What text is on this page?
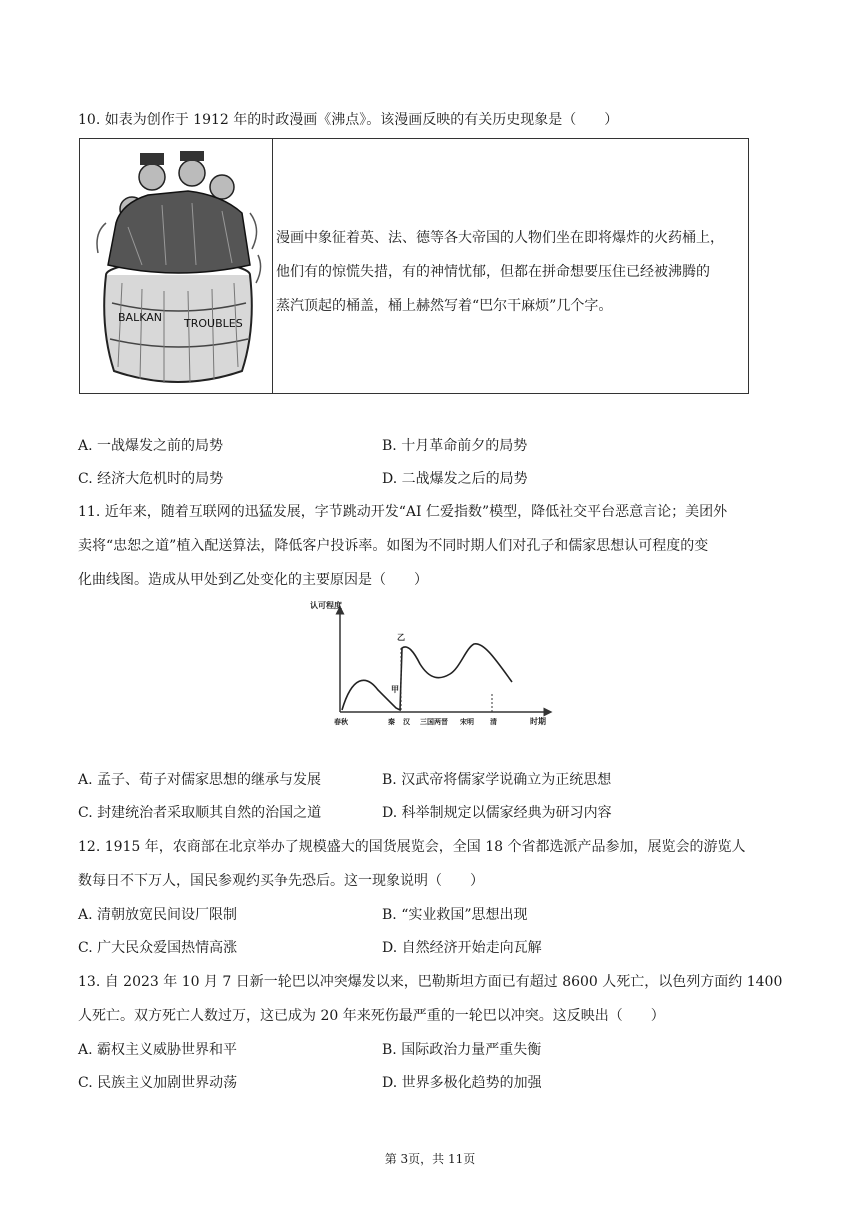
10. 如表为创作于 1912 年的时政漫画《沸点》。该漫画反映的有关历史现象是（　　）
BALKAN TROUBLES
漫画中象征着英、法、德等各大帝国的人物们坐在即将爆炸的火药桶上，
他们有的惊慌失措，有的神情忧郁，但都在拼命想要压住已经被沸腾的
蒸汽顶起的桶盖，桶上赫然写着“巴尔干麻烦”几个字。
A. 一战爆发之前的局势	B. 十月革命前夕的局势
C. 经济大危机时的局势	D. 二战爆发之后的局势
11. 近年来，随着互联网的迅猛发展，字节跳动开发“AI 仁爱指数”模型，降低社交平台恶意言论；美团外
卖将“忠恕之道”植入配送算法，降低客户投诉率。如图为不同时期人们对孔子和儒家思想认可程度的变
化曲线图。造成从甲处到乙处变化的主要原因是（　　）
认可程度
时期
甲
乙
春秋	秦 汉 三国两晋 宋明 清
A. 孟子、荀子对儒家思想的继承与发展	B. 汉武帝将儒家学说确立为正统思想
C. 封建统治者采取顺其自然的治国之道	D. 科举制规定以儒家经典为研习内容
12. 1915 年，农商部在北京举办了规模盛大的国货展览会，全国 18 个省都选派产品参加，展览会的游览人
数每日不下万人，国民参观约买争先恐后。这一现象说明（　　）
A. 清朝放宽民间设厂限制	B. “实业救国”思想出现
C. 广大民众爱国热情高涨	D. 自然经济开始走向瓦解
13. 自 2023 年 10 月 7 日新一轮巴以冲突爆发以来，巴勒斯坦方面已有超过 8600 人死亡，以色列方面约 1400
人死亡。双方死亡人数过万，这已成为 20 年来死伤最严重的一轮巴以冲突。这反映出（　　）
A. 霸权主义威胁世界和平	B. 国际政治力量严重失衡
C. 民族主义加剧世界动荡	D. 世界多极化趋势的加强
第 3页，共 11页
